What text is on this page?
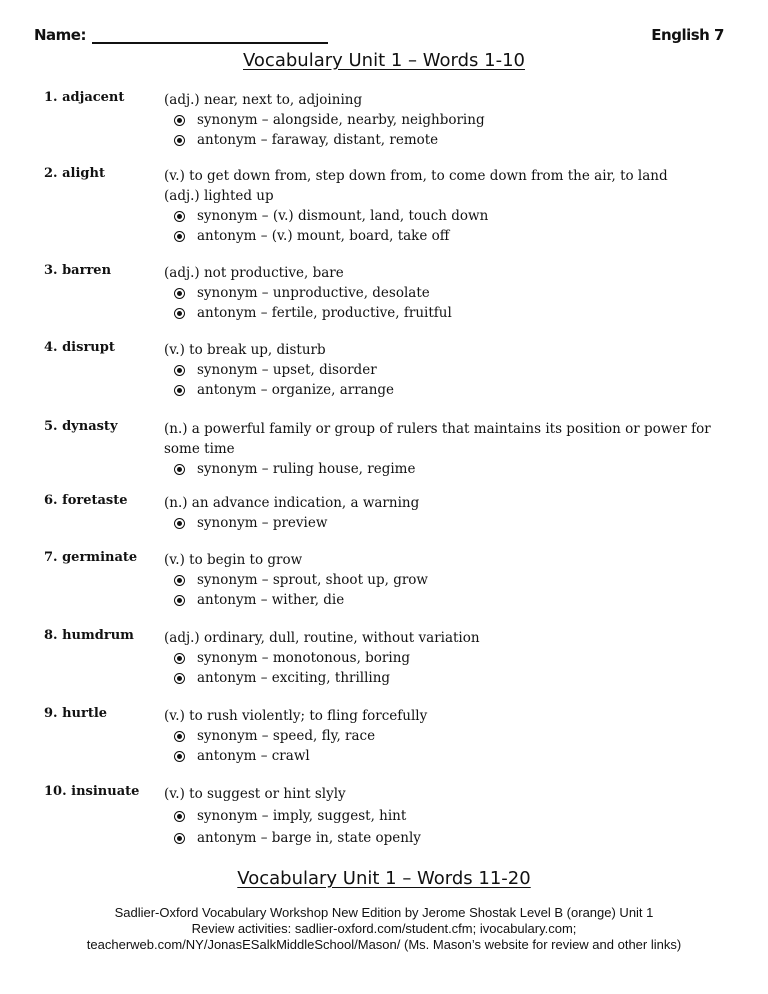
Name:	English 7
Vocabulary Unit 1 – Words 1-10
1. adjacent	(adj.) near, next to, adjoining
synonym – alongside, nearby, neighboring
antonym – faraway, distant, remote
2. alight	(v.) to get down from, step down from, to come down from the air, to land
(adj.) lighted up
synonym – (v.) dismount, land, touch down
antonym – (v.) mount, board, take off
3. barren	(adj.) not productive, bare
synonym – unproductive, desolate
antonym – fertile, productive, fruitful
4. disrupt	(v.) to break up, disturb
synonym – upset, disorder
antonym – organize, arrange
5. dynasty	(n.) a powerful family or group of rulers that maintains its position or power for
some time
synonym – ruling house, regime
6. foretaste	(n.) an advance indication, a warning
synonym – preview
7. germinate	(v.) to begin to grow
synonym – sprout, shoot up, grow
antonym – wither, die
8. humdrum	(adj.) ordinary, dull, routine, without variation
synonym – monotonous, boring
antonym – exciting, thrilling
9. hurtle	(v.) to rush violently; to fling forcefully
synonym – speed, fly, race
antonym – crawl
10. insinuate	(v.) to suggest or hint slyly
synonym – imply, suggest, hint
antonym – barge in, state openly
Vocabulary Unit 1 – Words 11-20
Sadlier-Oxford Vocabulary Workshop New Edition by Jerome Shostak Level B (orange) Unit 1
Review activities: sadlier-oxford.com/student.cfm; ivocabulary.com;
teacherweb.com/NY/JonasESalkMiddleSchool/Mason/ (Ms. Mason’s website for review and other links)
